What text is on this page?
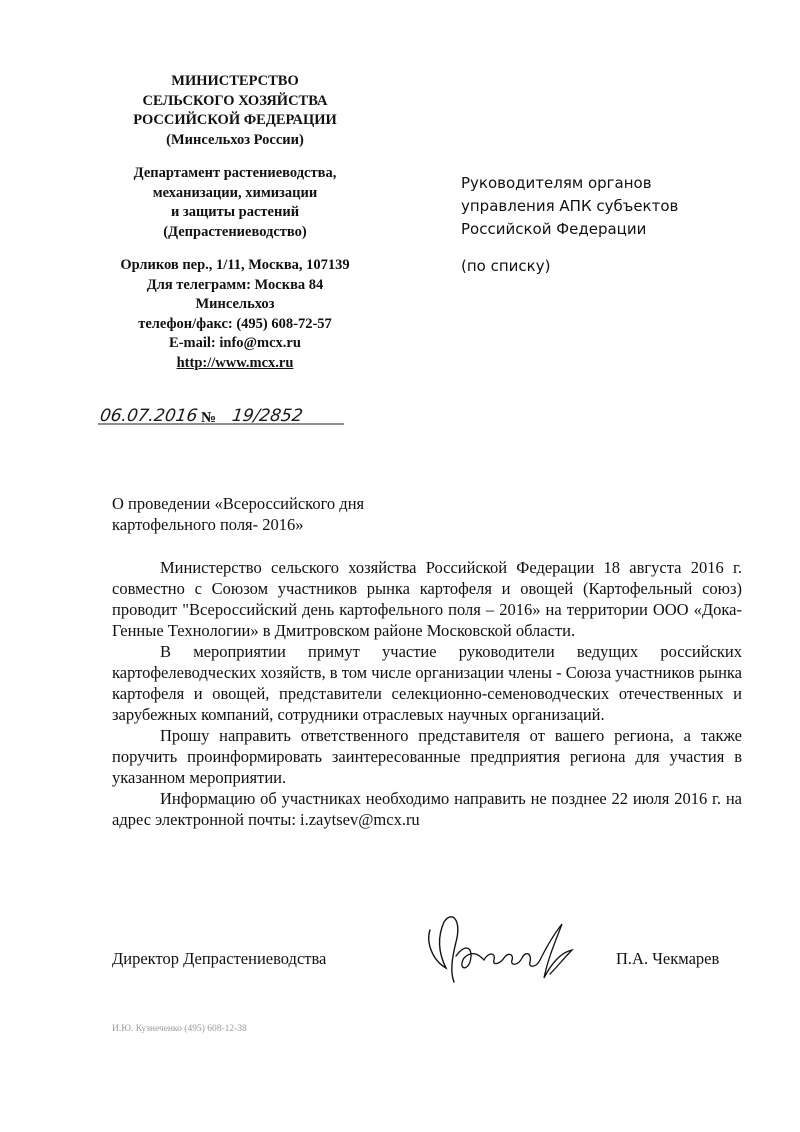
МИНИСТЕРСТВО
СЕЛЬСКОГО ХОЗЯЙСТВА
РОССИЙСКОЙ ФЕДЕРАЦИИ
(Минсельхоз России)
Департамент растениеводства,
механизации, химизации
и защиты растений
(Депрастениеводство)
Орликов пер., 1/11, Москва, 107139
Для телеграмм: Москва 84
Минсельхоз
телефон/факс: (495) 608-72-57
E-mail: info@mcx.ru
http://www.mcx.ru
Руководителям органов
управления АПК субъектов
Российской Федерации
(по списку)
06.07.2016 № 19/2852
О проведении «Всероссийского дня
картофельного поля- 2016»

Министерство сельского хозяйства Российской Федерации 18 августа 2016 г. совместно с Союзом участников рынка картофеля и овощей (Картофельный союз) проводит "Всероссийский день картофельного поля – 2016» на территории ООО «Дока-Генные Технологии» в Дмитровском районе Московской области.

В мероприятии примут участие руководители ведущих российских картофелеводческих хозяйств, в том числе организации члены - Союза участников рынка картофеля и овощей, представители селекционно-семеноводческих отечественных и зарубежных компаний, сотрудники отраслевых научных организаций.

Прошу направить ответственного представителя от вашего региона, а также поручить проинформировать заинтересованные предприятия региона для участия в указанном мероприятии.

Информацию об участниках необходимо направить не позднее 22 июля 2016 г. на адрес электронной почты: i.zaytsev@mcx.ru

Директор Депрастениеводства	П.А. Чекмарев
И.Ю. Кузнеченко (495) 608-12-38
